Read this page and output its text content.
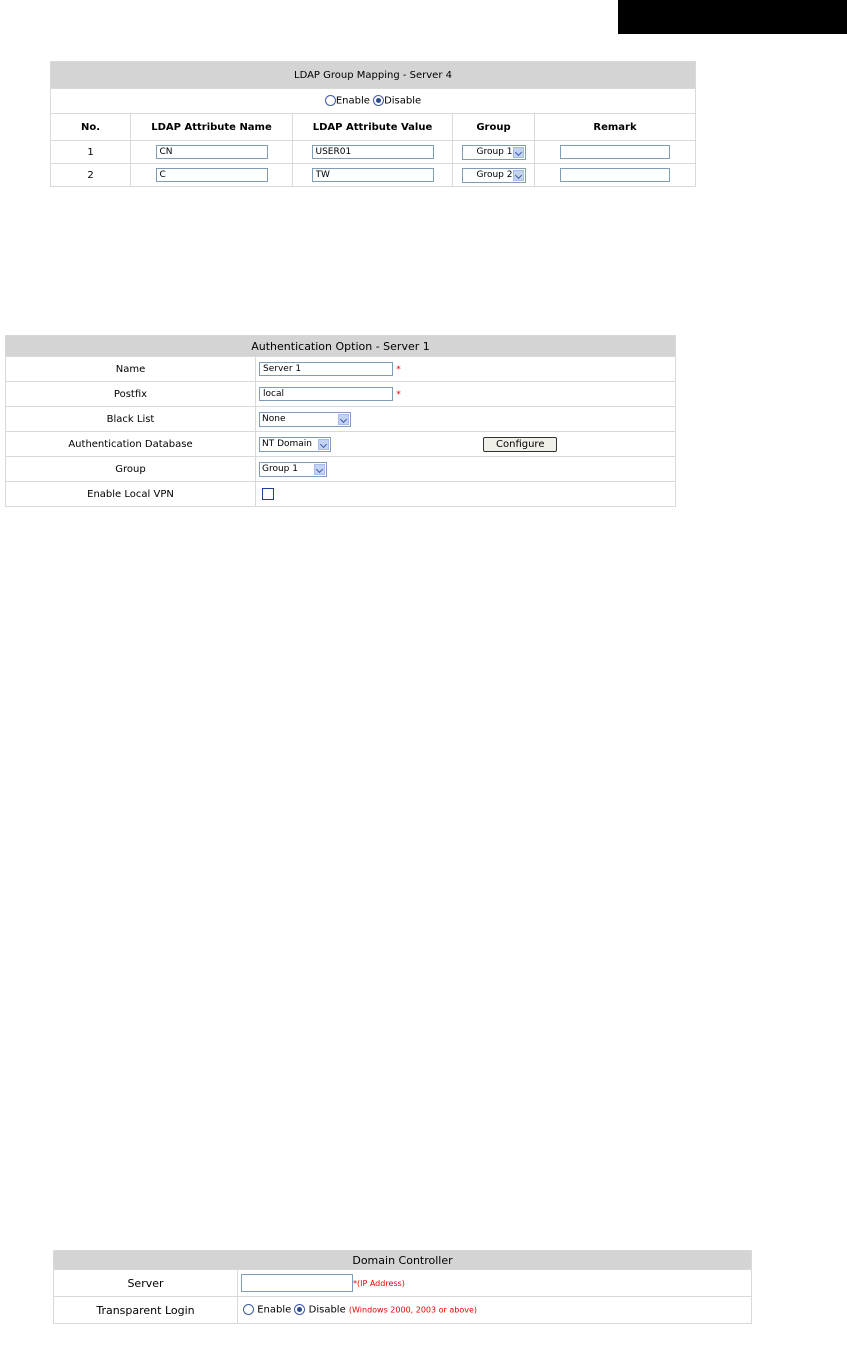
LDAP Group Mapping - Server 4				
Enable Disable				
No.	LDAP Attribute Name	LDAP Attribute Value	Group	Remark
1	CN	USER01	Group 1

2	C	TW	Group 2

Authentication Option - Server 1	
Name	Server 1*
Postfix	local*
Black List	None

Authentication Database	NT Domain Configure
Group	Group 1

Enable Local VPN	
Domain Controller	
Server	*(IP Address)
Transparent Login	Enable Disable (Windows 2000, 2003 or above)
